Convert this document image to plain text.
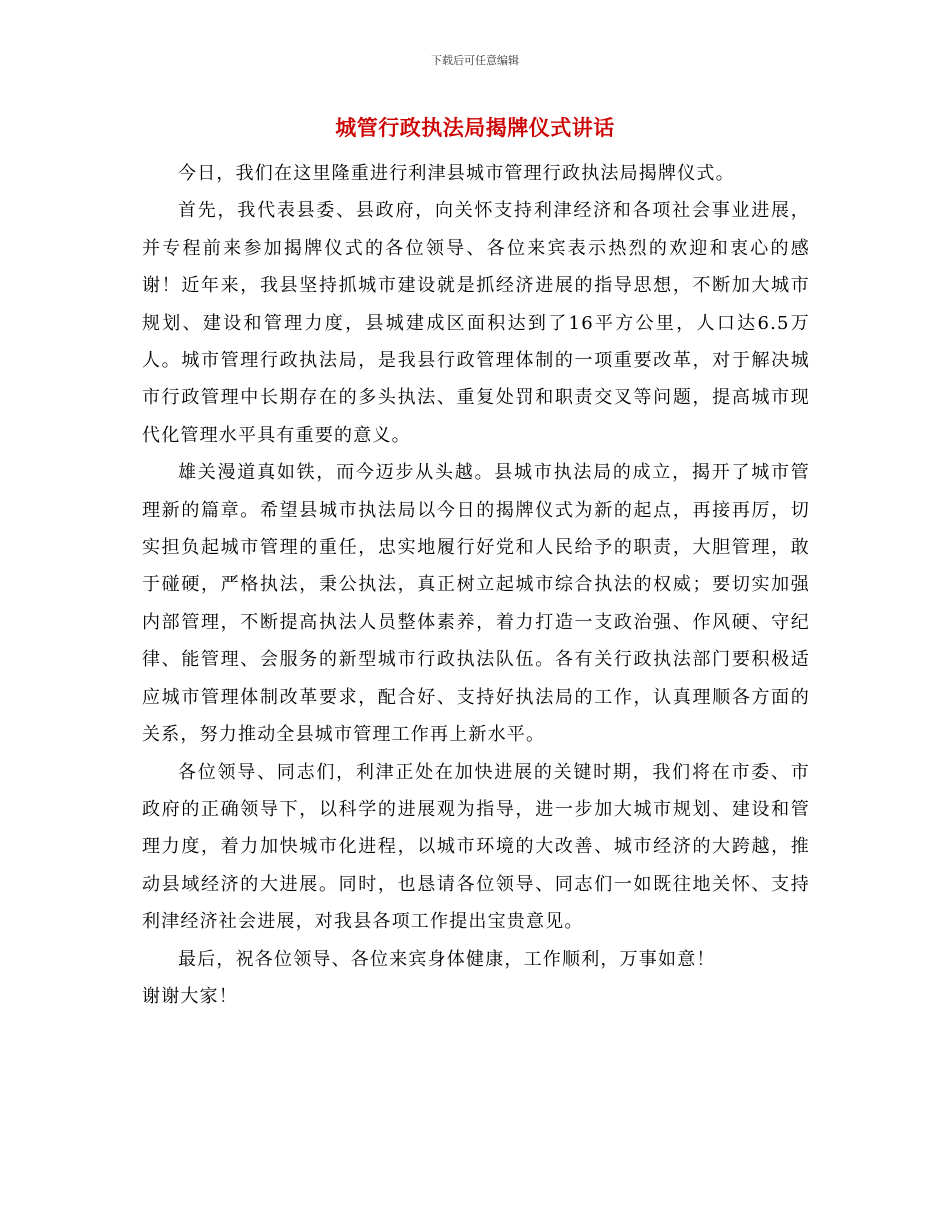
下载后可任意编辑
城管行政执法局揭牌仪式讲话

今日，我们在这里隆重进行利津县城市管理行政执法局揭牌仪式。

首先，我代表县委、县政府，向关怀支持利津经济和各项社会事业进展，并专程前来参加揭牌仪式的各位领导、各位来宾表示热烈的欢迎和衷心的感谢！近年来，我县坚持抓城市建设就是抓经济进展的指导思想，不断加大城市规划、建设和管理力度，县城建成区面积达到了16平方公里，人口达6.5万人。城市管理行政执法局，是我县行政管理体制的一项重要改革，对于解决城市行政管理中长期存在的多头执法、重复处罚和职责交叉等问题，提高城市现代化管理水平具有重要的意义。

雄关漫道真如铁，而今迈步从头越。县城市执法局的成立，揭开了城市管理新的篇章。希望县城市执法局以今日的揭牌仪式为新的起点，再接再厉，切实担负起城市管理的重任，忠实地履行好党和人民给予的职责，大胆管理，敢于碰硬，严格执法，秉公执法，真正树立起城市综合执法的权威；要切实加强内部管理，不断提高执法人员整体素养，着力打造一支政治强、作风硬、守纪律、能管理、会服务的新型城市行政执法队伍。各有关行政执法部门要积极适应城市管理体制改革要求，配合好、支持好执法局的工作，认真理顺各方面的关系，努力推动全县城市管理工作再上新水平。

各位领导、同志们，利津正处在加快进展的关键时期，我们将在市委、市政府的正确领导下，以科学的进展观为指导，进一步加大城市规划、建设和管理力度，着力加快城市化进程，以城市环境的大改善、城市经济的大跨越，推动县域经济的大进展。同时，也恳请各位领导、同志们一如既往地关怀、支持利津经济社会进展，对我县各项工作提出宝贵意见。

最后，祝各位领导、各位来宾身体健康，工作顺利，万事如意！

谢谢大家！
